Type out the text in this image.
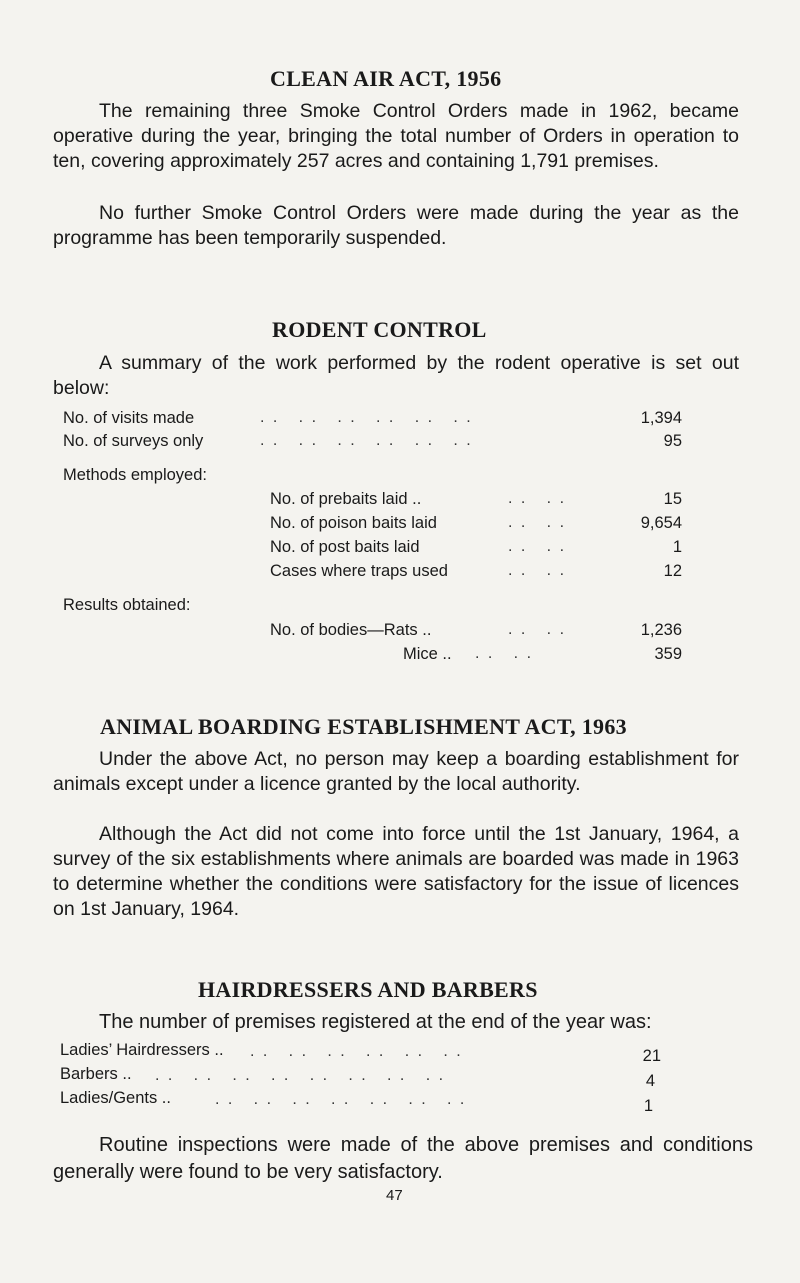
CLEAN AIR ACT, 1956
The remaining three Smoke Control Orders made in 1962, became operative during the year, bringing the total number of Orders in operation to ten, covering approximately 257 acres and containing 1,791 premises.
No further Smoke Control Orders were made during the year as the programme has been temporarily suspended.
RODENT CONTROL
A summary of the work performed by the rodent operative is set out below:
No. of visits made	. .   . .   . .   . .   . .   . .	1,394
No. of surveys only	. .   . .   . .   . .   . .   . .	95
Methods employed:
No. of prebaits laid ..	. .   . .	15
No. of poison baits laid	. .   . .	9,654
No. of post baits laid	. .   . .	1
Cases where traps used	. .   . .	12
Results obtained:
No. of bodies—Rats ..	. .   . .	1,236
Mice .. . .   . .	359
ANIMAL BOARDING ESTABLISHMENT ACT, 1963
Under the above Act, no person may keep a boarding establishment for animals except under a licence granted by the local authority.
Although the Act did not come into force until the 1st January, 1964, a survey of the six establishments where animals are boarded was made in 1963 to determine whether the conditions were satisfactory for the issue of licences on 1st January, 1964.
HAIRDRESSERS AND BARBERS
The number of premises registered at the end of the year was:
Ladies’ Hairdressers .. . .   . .   . .   . .   . .   . .	21
Barbers .. . .   . .   . .   . .   . .   . .   . .   . .	4
Ladies/Gents ..	. .   . .   . .   . .   . .   . .   . .	1
Routine inspections were made of the above premises and conditions generally were found to be very satisfactory.
47
